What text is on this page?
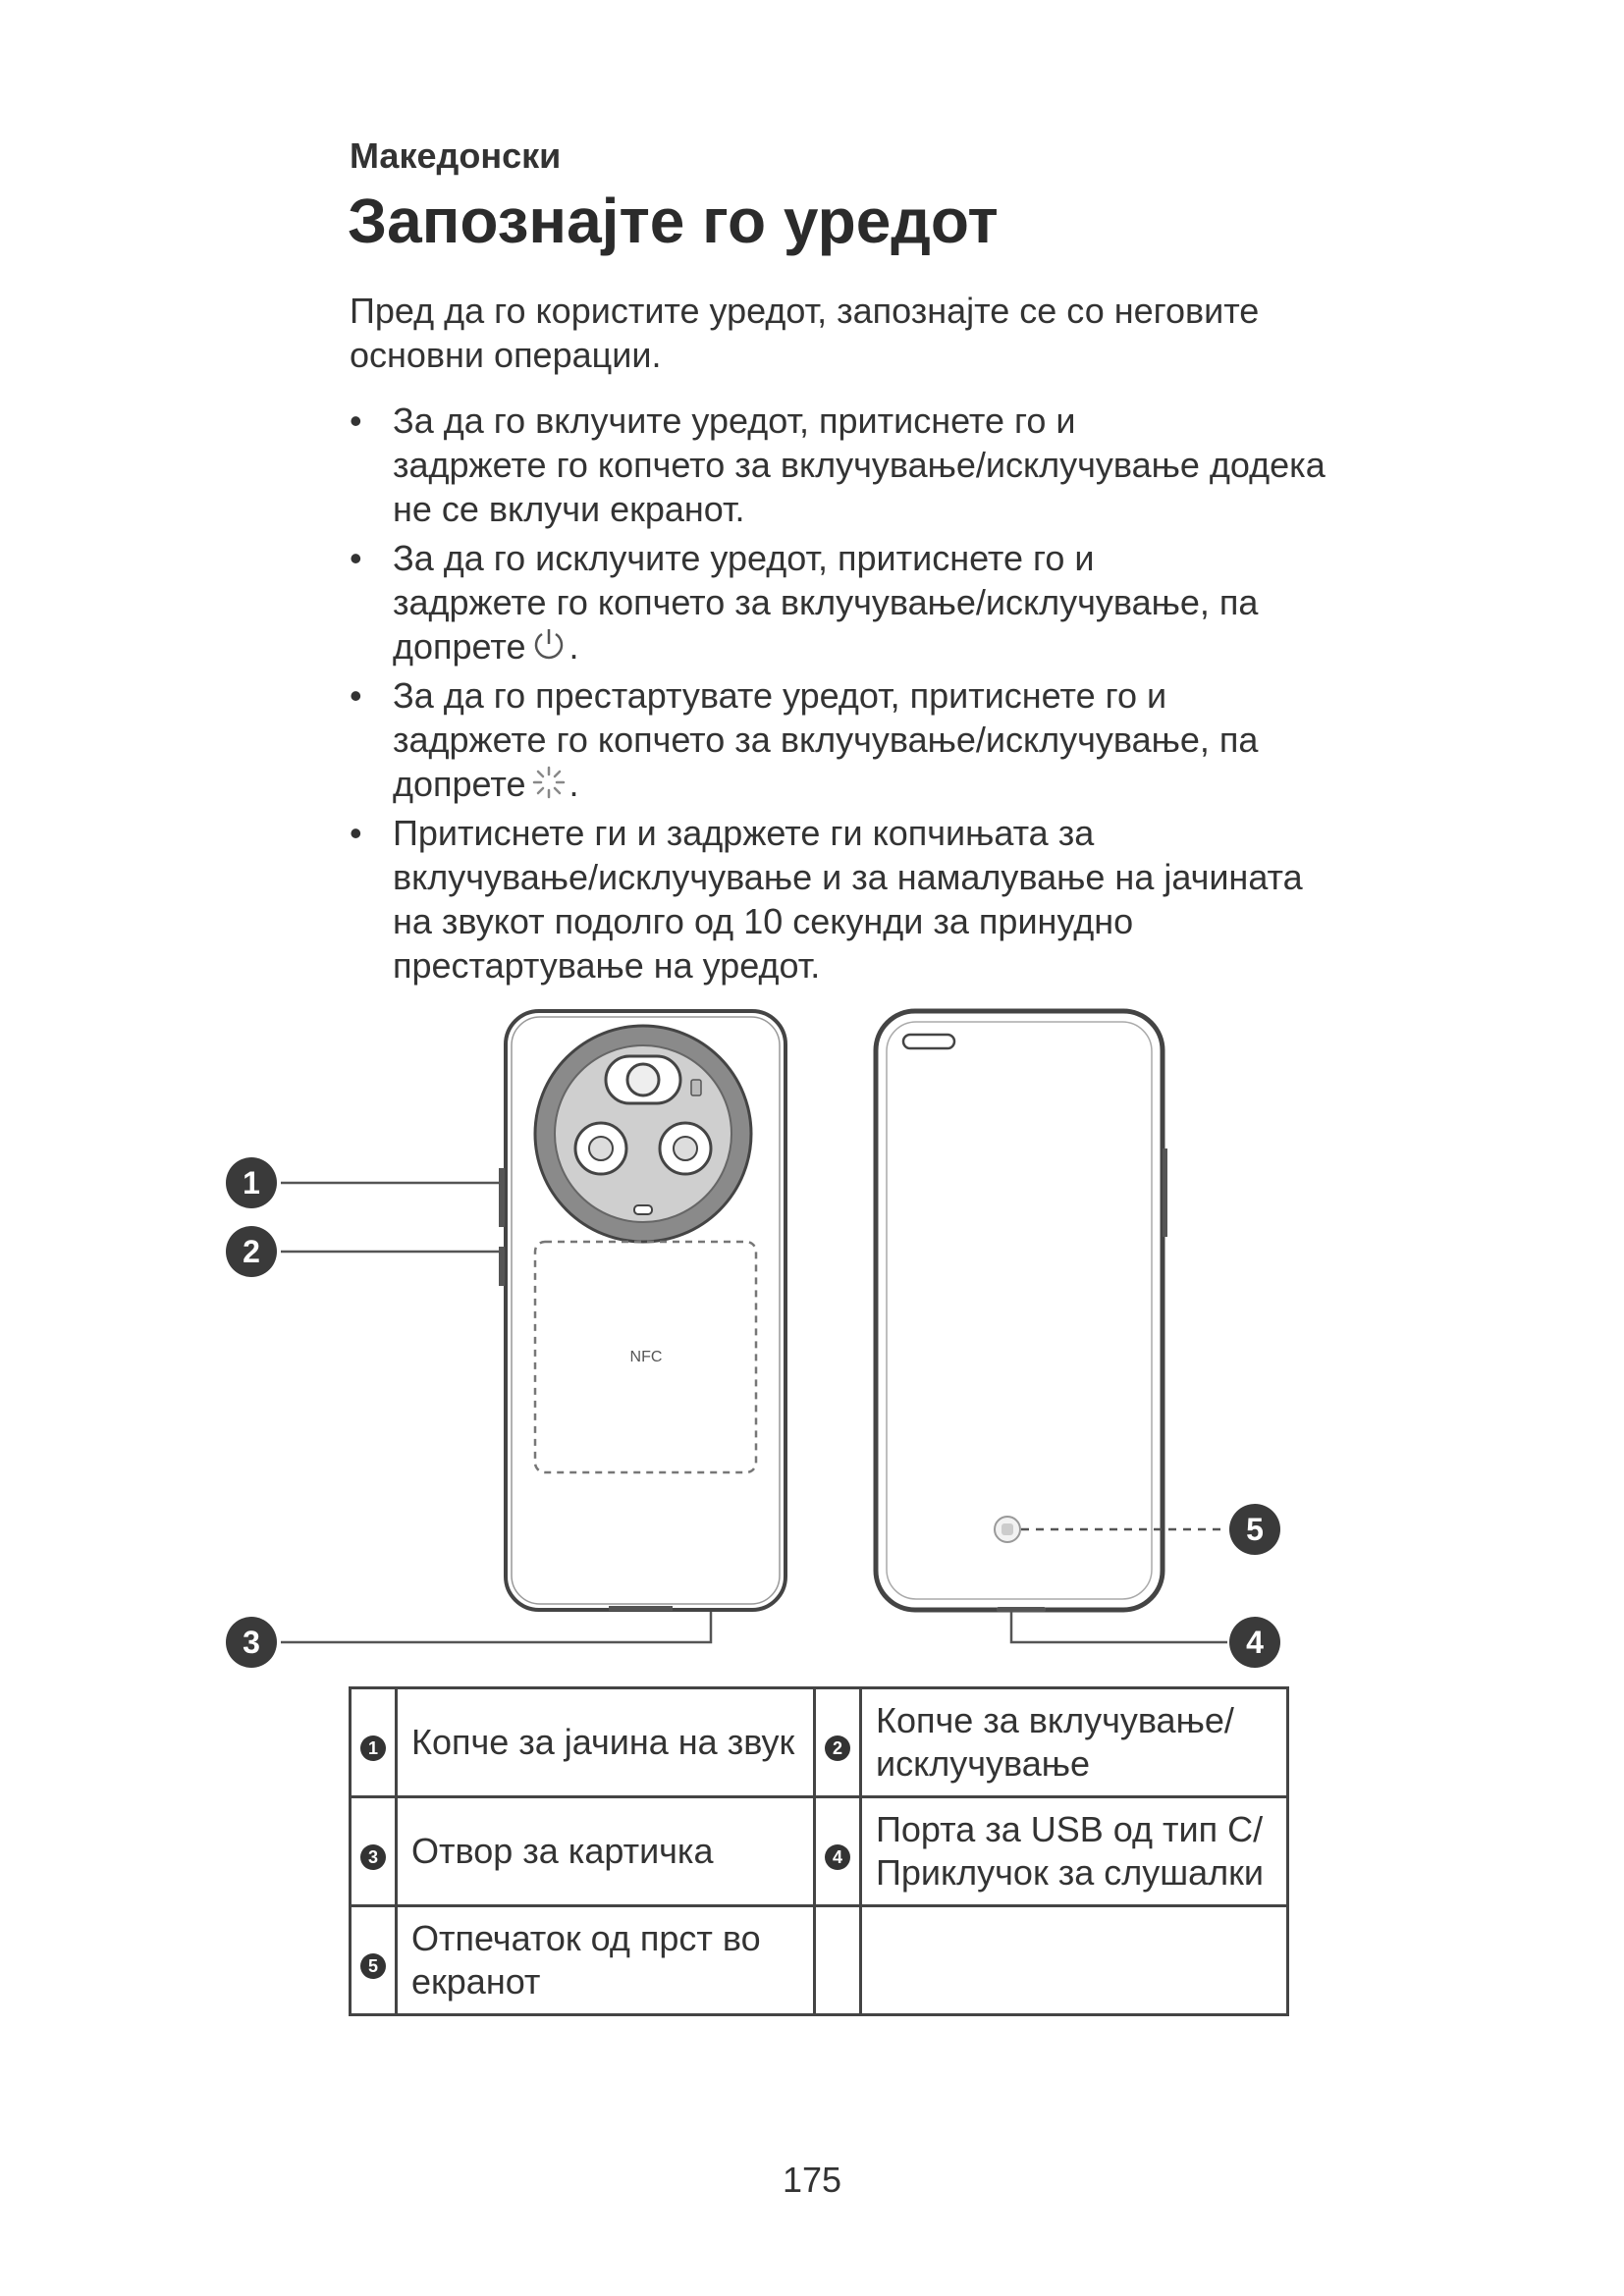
Македонски
Запознајте го уредот
Пред да го користите уредот, запознајте се со неговите основни операции.
• За да го вклучите уредот, притиснете го и
задржете го копчето за вклучување/исклучување додека не се вклучи екранот.
• За да го исклучите уредот, притиснете го и
задржете го копчето за вклучување/исклучување, па допрете .
• За да го престартувате уредот, притиснете го и
задржете го копчето за вклучување/исклучување, па допрете .
• Притиснете ги и задржете ги копчињата за
вклучување/исклучување и за намалување на јачината на звукот подолго од 10 секунди за принудно престартување на уредот.
NFC
1
2
3	4
5
1	Копче за јачина на звук	2	Копче за вклучување/ исклучување
3	Отвор за картичка	4	Порта за USB од тип C/Приклучок за слушалки
5	Отпечаток од прст во екранот		
175
